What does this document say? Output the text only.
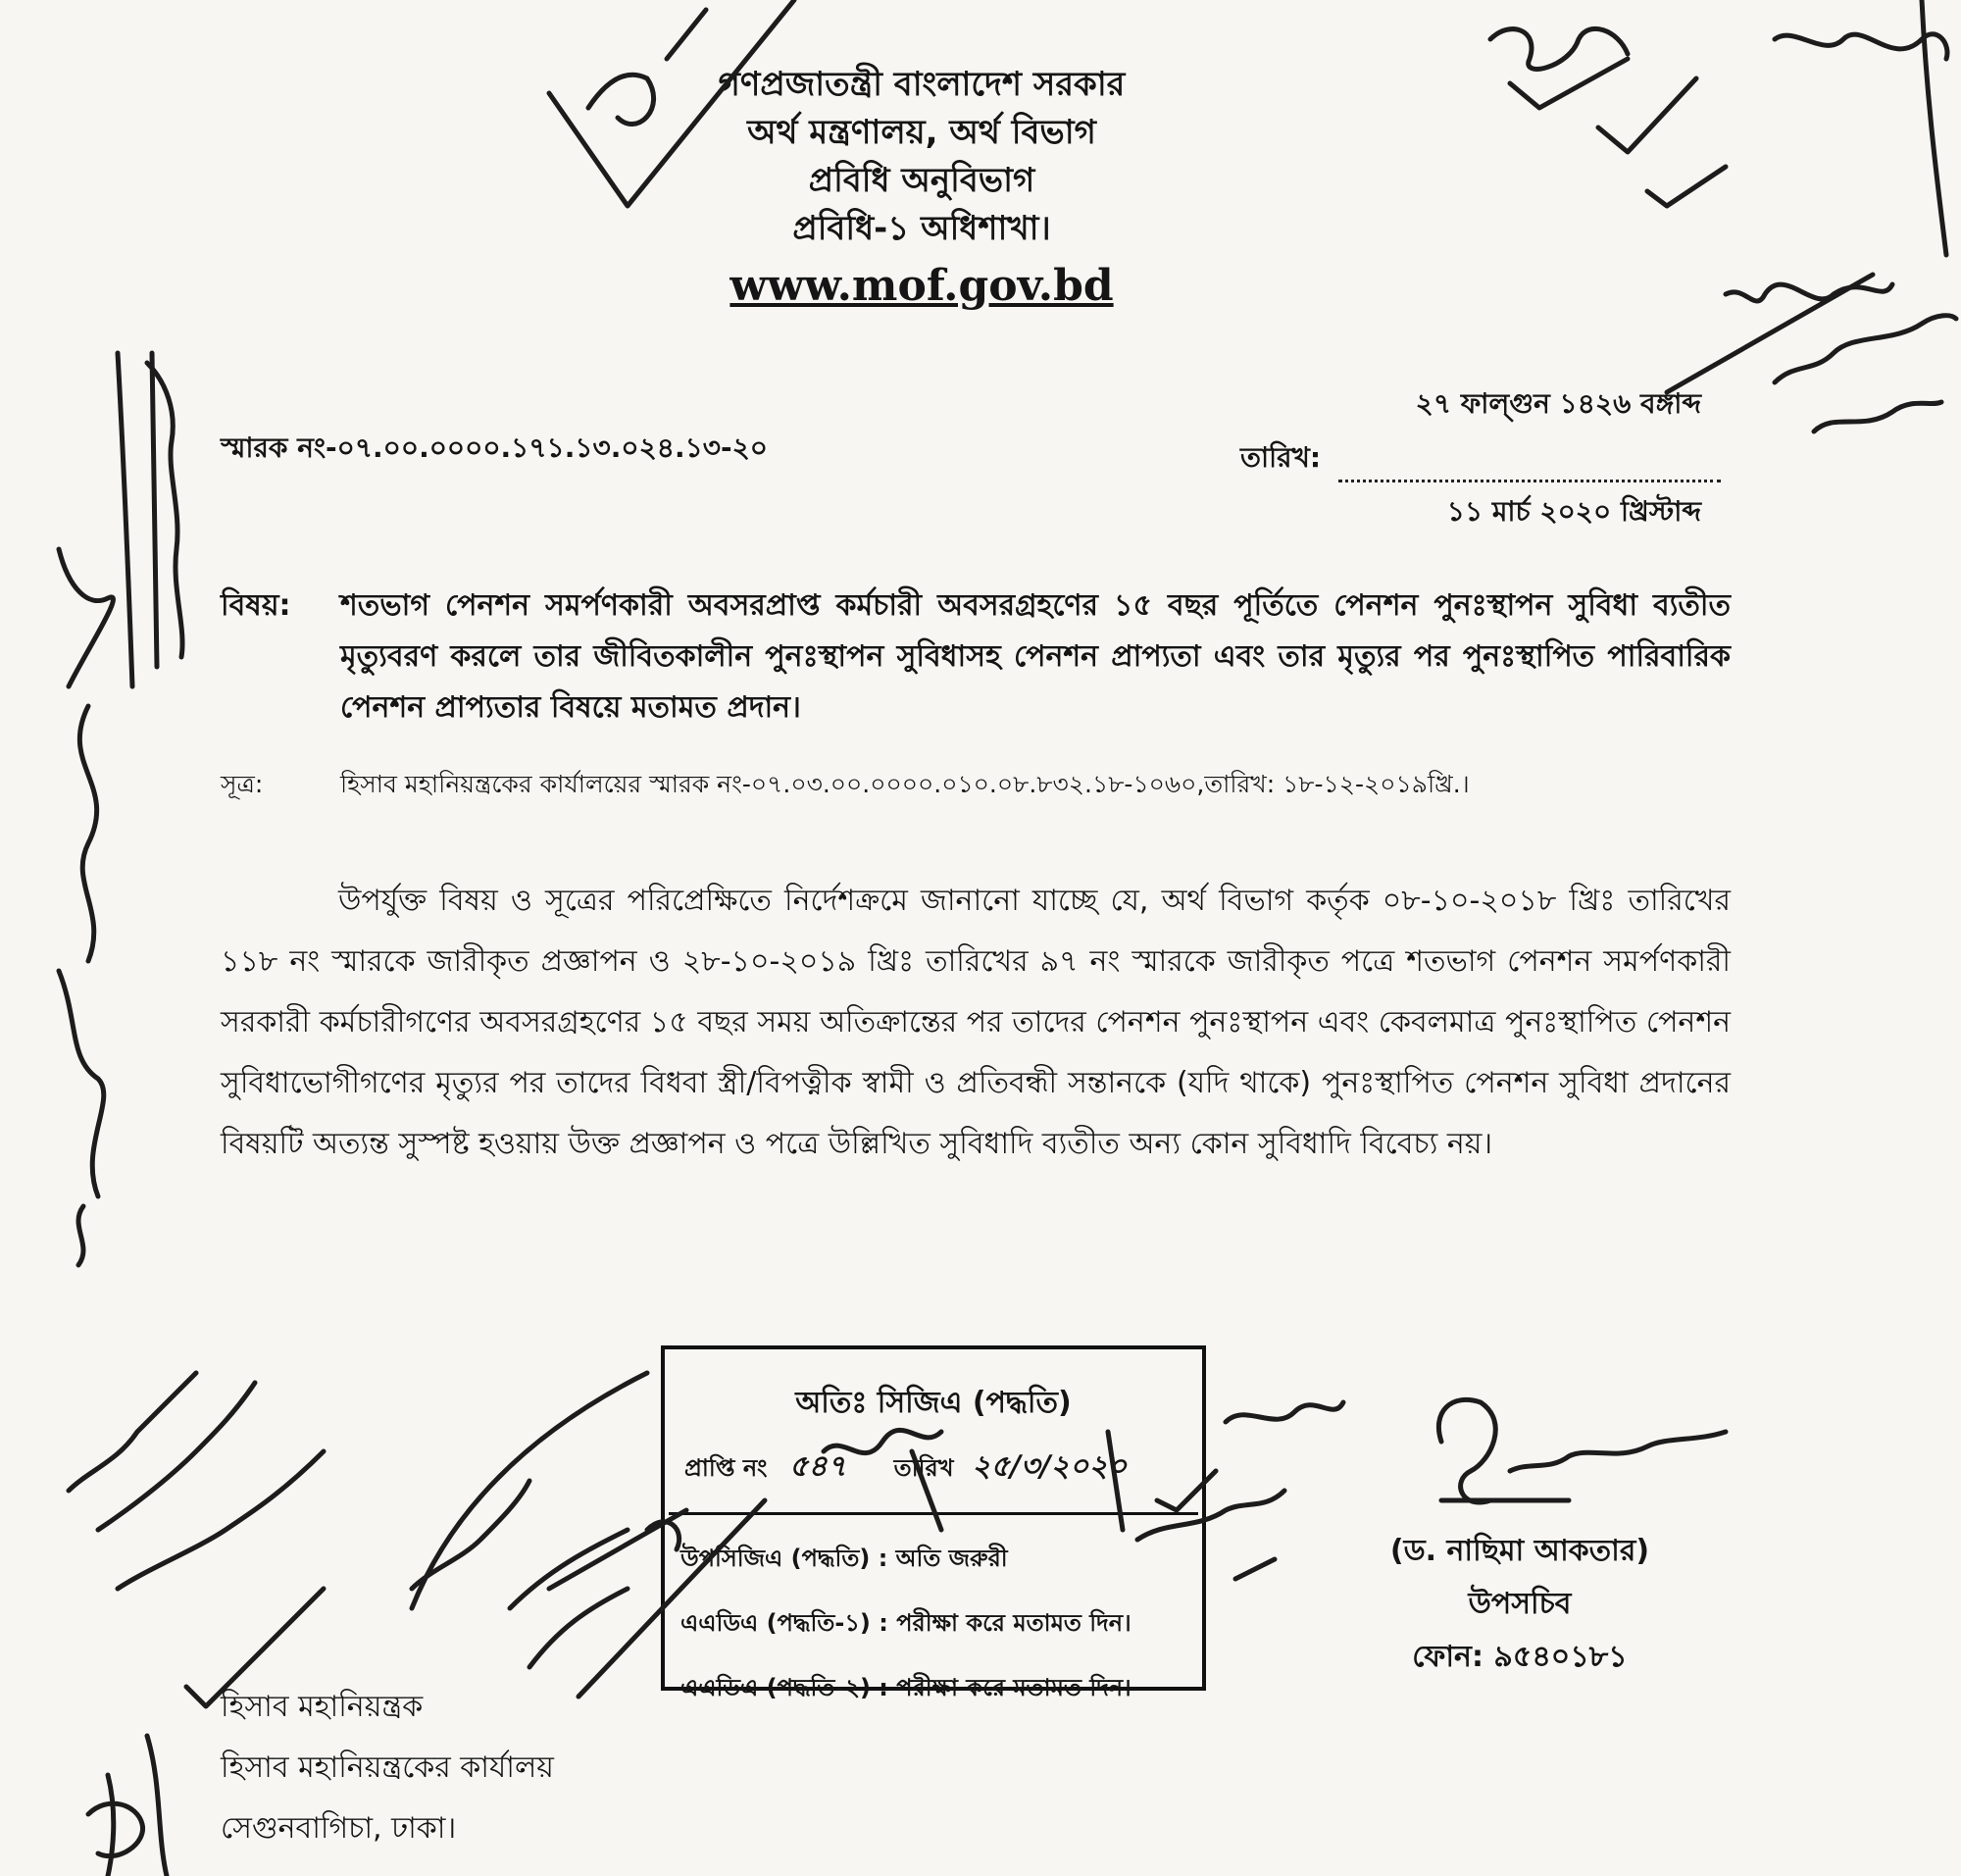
গণপ্রজাতন্ত্রী বাংলাদেশ সরকার
অর্থ মন্ত্রণালয়, অর্থ বিভাগ
প্রবিধি অনুবিভাগ
প্রবিধি-১ অধিশাখা।
www.mof.gov.bd
স্মারক নং-০৭.০০.০০০০.১৭১.১৩.০২৪.১৩-২০
২৭ ফাল্গুন ১৪২৬ বঙ্গাব্দ
তারিখ:
১১ মার্চ ২০২০ খ্রিস্টাব্দ
বিষয়:	শতভাগ পেনশন সমর্পণকারী অবসরপ্রাপ্ত কর্মচারী অবসরগ্রহণের ১৫ বছর পূর্তিতে পেনশন পুনঃস্থাপন সুবিধা ব্যতীত মৃত্যুবরণ করলে তার জীবিতকালীন পুনঃস্থাপন সুবিধাসহ পেনশন প্রাপ্যতা এবং তার মৃত্যুর পর পুনঃস্থাপিত পারিবারিক পেনশন প্রাপ্যতার বিষয়ে মতামত প্রদান।
সূত্র:	হিসাব মহানিয়ন্ত্রকের কার্যালয়ের স্মারক নং-০৭.০৩.০০.০০০০.০১০.০৮.৮৩২.১৮-১০৬০,তারিখ: ১৮-১২-২০১৯খ্রি.।
উপর্যুক্ত বিষয় ও সূত্রের পরিপ্রেক্ষিতে নির্দেশক্রমে জানানো যাচ্ছে যে, অর্থ বিভাগ কর্তৃক ০৮-১০-২০১৮ খ্রিঃ তারিখের ১১৮ নং স্মারকে জারীকৃত প্রজ্ঞাপন ও ২৮-১০-২০১৯ খ্রিঃ তারিখের ৯৭ নং স্মারকে জারীকৃত পত্রে শতভাগ পেনশন সমর্পণকারী সরকারী কর্মচারীগণের অবসরগ্রহণের ১৫ বছর সময় অতিক্রান্তের পর তাদের পেনশন পুনঃস্থাপন এবং কেবলমাত্র পুনঃস্থাপিত পেনশন সুবিধাভোগীগণের মৃত্যুর পর তাদের বিধবা স্ত্রী/বিপত্নীক স্বামী ও প্রতিবন্ধী সন্তানকে (যদি থাকে) পুনঃস্থাপিত পেনশন সুবিধা প্রদানের বিষয়টি অত্যন্ত সুস্পষ্ট হওয়ায় উক্ত প্রজ্ঞাপন ও পত্রে উল্লিখিত সুবিধাদি ব্যতীত অন্য কোন সুবিধাদি বিবেচ্য নয়।
অতিঃ সিজিএ (পদ্ধতি)
প্রাপ্তি নং ৫৪৭ তারিখ ২৫/৩/২০২০
উপসিজিএ (পদ্ধতি) : অতি জরুরী
এএডিএ (পদ্ধতি-১) : পরীক্ষা করে মতামত দিন।
এএডিএ (পদ্ধতি-২) : পরীক্ষা করে মতামত দিন।
(ড. নাছিমা আকতার)
উপসচিব
ফোন: ৯৫৪০১৮১
হিসাব মহানিয়ন্ত্রক
হিসাব মহানিয়ন্ত্রকের কার্যালয়
সেগুনবাগিচা, ঢাকা।
